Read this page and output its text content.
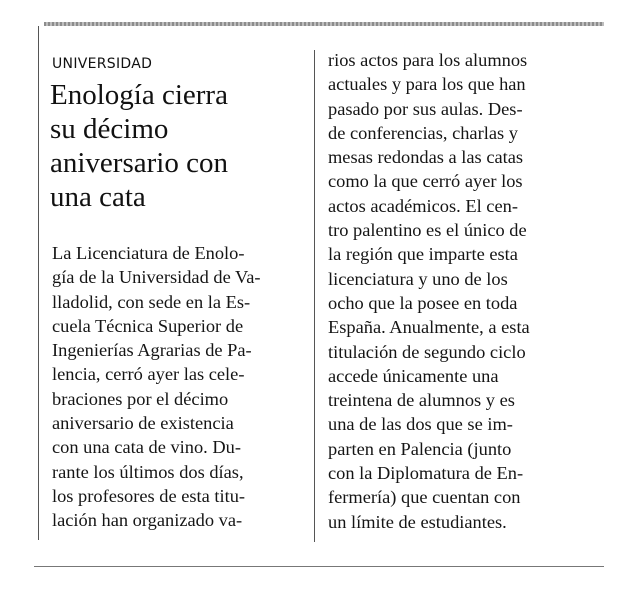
UNIVERSIDAD
Enología cierra
su décimo
aniversario con
una cata
La Licenciatura de Enolo-
gía de la Universidad de Va-
lladolid, con sede en la Es-
cuela Técnica Superior de
Ingenierías Agrarias de Pa-
lencia, cerró ayer las cele-
braciones por el décimo
aniversario de existencia
con una cata de vino. Du-
rante los últimos dos días,
los profesores de esta titu-
lación han organizado va-
rios actos para los alumnos
actuales y para los que han
pasado por sus aulas. Des-
de conferencias, charlas y
mesas redondas a las catas
como la que cerró ayer los
actos académicos. El cen-
tro palentino es el único de
la región que imparte esta
licenciatura y uno de los
ocho que la posee en toda
España. Anualmente, a esta
titulación de segundo ciclo
accede únicamente una
treintena de alumnos y es
una de las dos que se im-
parten en Palencia (junto
con la Diplomatura de En-
fermería) que cuentan con
un límite de estudiantes.
